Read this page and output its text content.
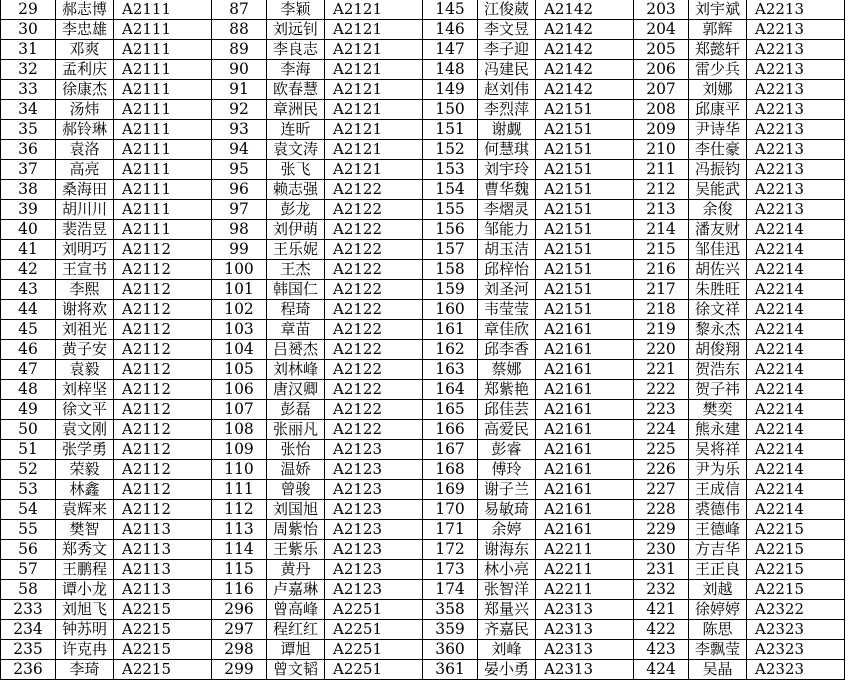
29	郝志博	A2111	87	李颖	A2121	145	江俊葳	A2142	203	刘宇斌	A2213
30	李忠雄	A2111	88	刘远钊	A2121	146	李文昱	A2142	204	郭辉	A2213
31	邓爽	A2111	89	李良志	A2121	147	李子迎	A2142	205	郑懿轩	A2213
32	孟利庆	A2111	90	李海	A2121	148	冯建民	A2142	206	雷少兵	A2213
33	徐康杰	A2111	91	欧春慧	A2121	149	赵刘伟	A2142	207	刘娜	A2213
34	汤炜	A2111	92	章洲民	A2121	150	李烈萍	A2151	208	邱康平	A2213
35	郝铃琳	A2111	93	连昕	A2121	151	谢觑	A2151	209	尹诗华	A2213
36	袁洛	A2111	94	袁文涛	A2121	152	何慧琪	A2151	210	李仕豪	A2213
37	高亮	A2111	95	张飞	A2121	153	刘宇玲	A2151	211	冯振钧	A2213
38	桑海田	A2111	96	赖志强	A2122	154	曹华魏	A2151	212	吴能武	A2213
39	胡川川	A2111	97	彭龙	A2122	155	李熠灵	A2151	213	余俊	A2213
40	裴浩昱	A2111	98	刘伊萌	A2122	156	邹能力	A2151	214	潘友财	A2214
41	刘明巧	A2112	99	王乐妮	A2122	157	胡玉洁	A2151	215	邹佳迅	A2214
42	王宣书	A2112	100	王杰	A2122	158	邱梓怡	A2151	216	胡佐兴	A2214
43	李熙	A2112	101	韩国仁	A2122	159	刘圣河	A2151	217	朱胜旺	A2214
44	谢将欢	A2112	102	程琦	A2122	160	韦莹莹	A2151	218	徐文祥	A2214
45	刘祖光	A2112	103	章苗	A2122	161	章佳欣	A2161	219	黎永杰	A2214
46	黄子安	A2112	104	吕赟杰	A2122	162	邱李香	A2161	220	胡俊翔	A2214
47	袁毅	A2112	105	刘林峰	A2122	163	蔡娜	A2161	221	贺浩东	A2214
48	刘梓坚	A2112	106	唐汉卿	A2122	164	郑紫艳	A2161	222	贺子祎	A2214
49	徐文平	A2112	107	彭磊	A2122	165	邱佳芸	A2161	223	樊奕	A2214
50	袁文刚	A2112	108	张丽凡	A2122	166	高爱民	A2161	224	熊永建	A2214
51	张学勇	A2112	109	张怡	A2123	167	彭睿	A2161	225	吴将祥	A2214
52	荣毅	A2112	110	温娇	A2123	168	傅玲	A2161	226	尹为乐	A2214
53	林鑫	A2112	111	曾骏	A2123	169	谢子兰	A2161	227	王成信	A2214
54	袁辉来	A2112	112	刘国旭	A2123	170	易敏琦	A2161	228	裘德伟	A2214
55	樊智	A2113	113	周紫怡	A2123	171	余婷	A2161	229	王德峰	A2215
56	郑秀文	A2113	114	王紫乐	A2123	172	谢海东	A2211	230	方吉华	A2215
57	王鹏程	A2113	115	黄丹	A2123	173	林小亮	A2211	231	王正良	A2215
58	谭小龙	A2113	116	卢嘉琳	A2123	174	张智洋	A2211	232	刘越	A2215
233	刘旭飞	A2215	296	曾高峰	A2251	358	郑量兴	A2313	421	徐婷婷	A2322
234	钟苏明	A2215	297	程红红	A2251	359	齐嘉民	A2313	422	陈思	A2323
235	许克冉	A2215	298	谭旭	A2251	360	刘峰	A2313	423	李飘莹	A2323
236	李琦	A2215	299	曾文韬	A2251	361	晏小勇	A2313	424	吴晶	A2323
